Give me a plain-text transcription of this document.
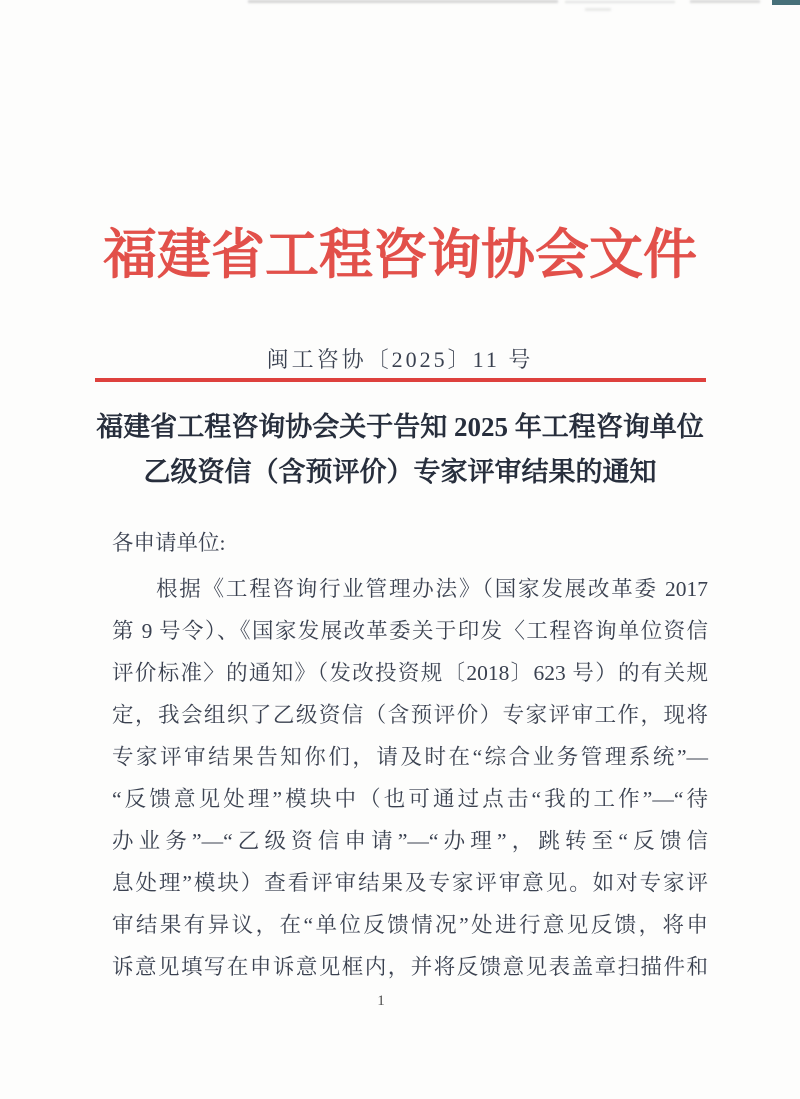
福建省工程咨询协会文件
闽工咨协〔2025〕11 号
福建省工程咨询协会关于告知 2025 年工程咨询单位
乙级资信（含预评价）专家评审结果的通知

各申请单位:

根据《工程咨询行业管理办法》（国家发展改革委 2017
第 9 号令）、《国家发展改革委关于印发〈工程咨询单位资信
评价标准〉的通知》（发改投资规〔2018〕623 号）的有关规
定，我会组织了乙级资信（含预评价）专家评审工作，现将
专家评审结果告知你们，请及时在“综合业务管理系统”—
“反馈意见处理”模块中（也可通过点击“我的工作”—“待
办业务”—“乙级资信申请”—“办理”，跳转至“反馈信
息处理”模块）查看评审结果及专家评审意见。如对专家评
审结果有异议，在“单位反馈情况”处进行意见反馈，将申
诉意见填写在申诉意见框内，并将反馈意见表盖章扫描件和
1
